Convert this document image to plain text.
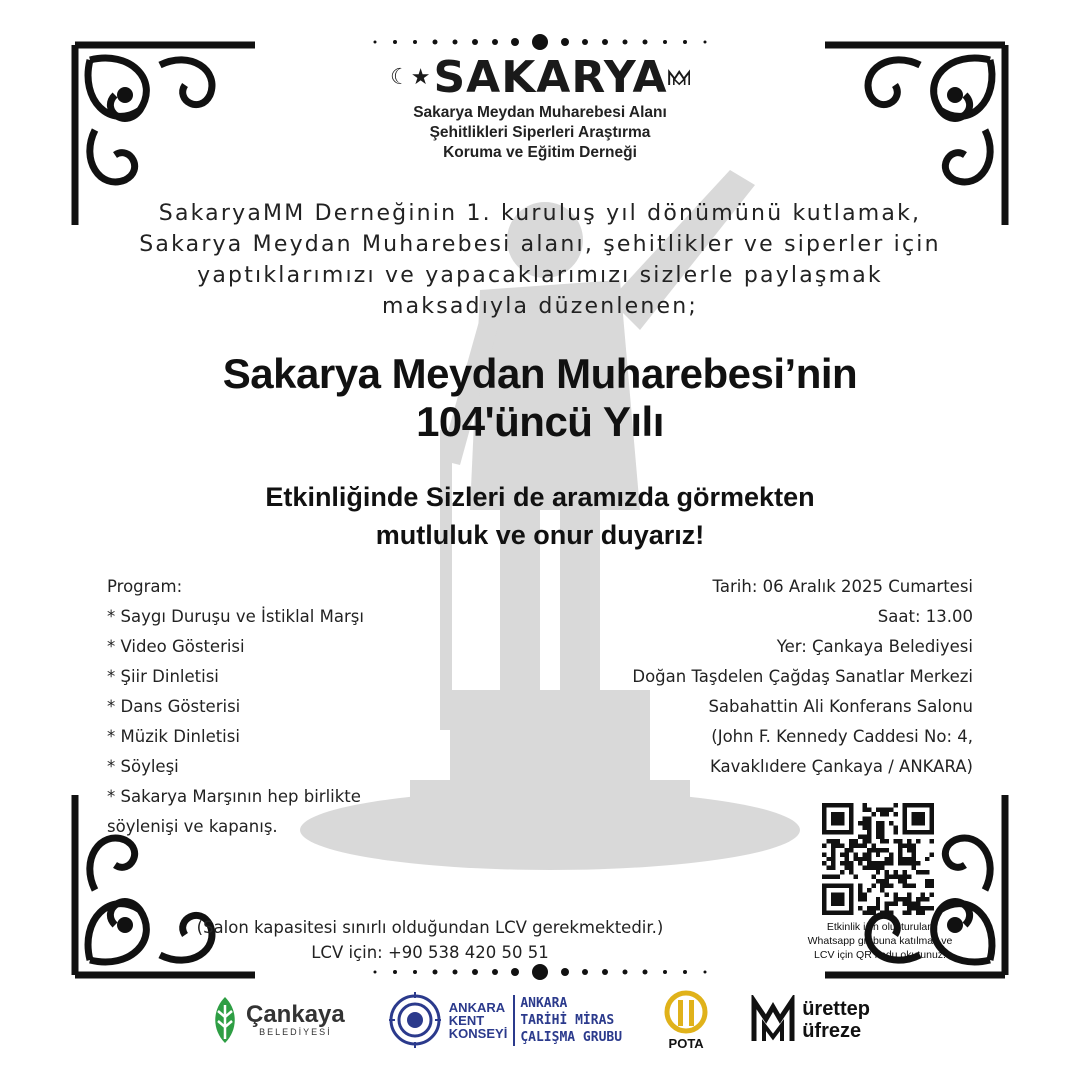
☾★ SAKARYA
Sakarya Meydan Muharebesi Alanı
Şehitlikleri Siperleri Araştırma
Koruma ve Eğitim Derneği
SakaryaMM Derneğinin 1. kuruluş yıl dönümünü kutlamak,
Sakarya Meydan Muharebesi alanı, şehitlikler ve siperler için
yaptıklarımızı ve yapacaklarımızı sizlerle paylaşmak
maksadıyla düzenlenen;
Sakarya Meydan Muharebesi’nin
104'üncü Yılı
Etkinliğinde Sizleri de aramızda görmekten
mutluluk ve onur duyarız!
Program:
* Saygı Duruşu ve İstiklal Marşı
* Video Gösterisi
* Şiir Dinletisi
* Dans Gösterisi
* Müzik Dinletisi
* Söyleşi
* Sakarya Marşının hep birlikte
söylenişi ve kapanış.
Tarih: 06 Aralık 2025 Cumartesi
Saat: 13.00
Yer: Çankaya Belediyesi
Doğan Taşdelen Çağdaş Sanatlar Merkezi
Sabahattin Ali Konferans Salonu
(John F. Kennedy Caddesi No: 4,
Kavaklıdere Çankaya / ANKARA)
Etkinlik için oluşturulan
Whatsapp grubuna katılmak ve
LCV için QR kodu okutunuz!
(Salon kapasitesi sınırlı olduğundan LCV gerekmektedir.)
LCV için: +90 538 420 50 51
Çankaya
BELEDİYESİ
ANKARA
KENT
KONSEYİ
ANKARA
TARİHİ MİRAS
ÇALIŞMA GRUBU	POTA
ürettep
üfreze
